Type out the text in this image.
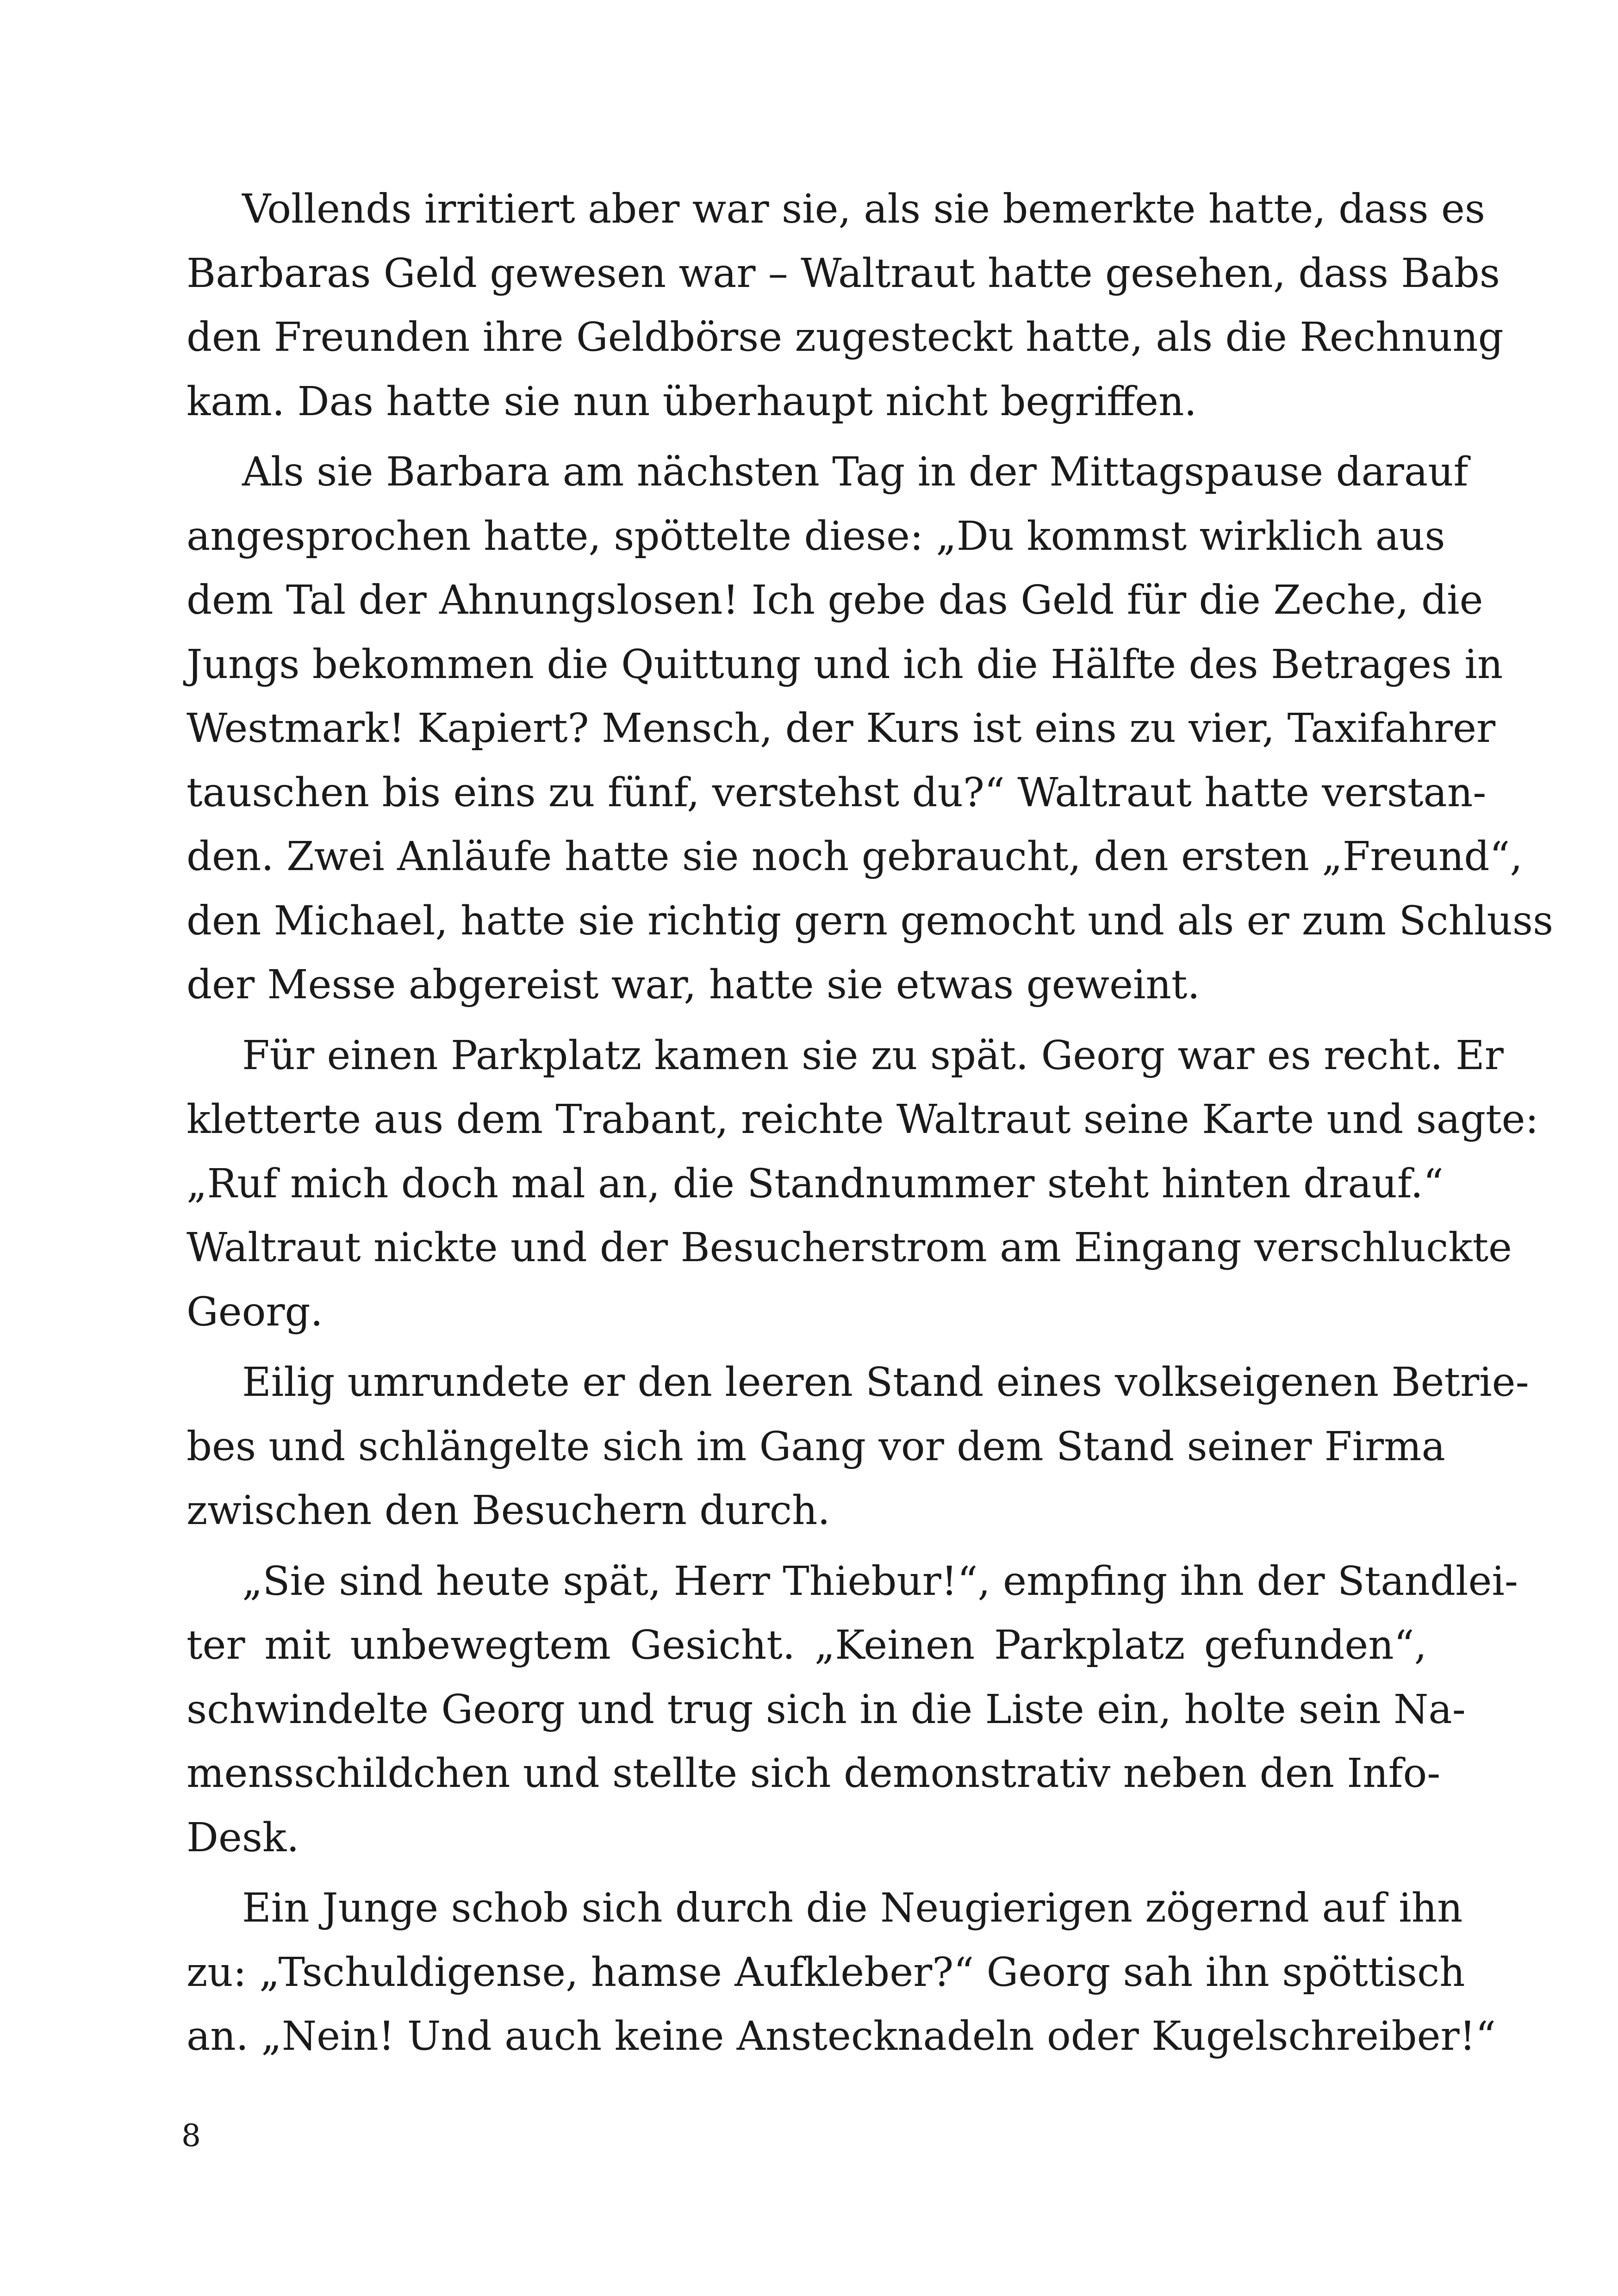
Vollends irritiert aber war sie, als sie bemerkte hatte, dass es
Barbaras Geld gewesen war – Waltraut hatte gesehen, dass Babs
den Freunden ihre Geldbörse zugesteckt hatte, als die Rechnung
kam. Das hatte sie nun überhaupt nicht begriffen.
Als sie Barbara am nächsten Tag in der Mittagspause darauf
angesprochen hatte, spöttelte diese: „Du kommst wirklich aus
dem Tal der Ahnungslosen! Ich gebe das Geld für die Zeche, die
Jungs bekommen die Quittung und ich die Hälfte des Betrages in
Westmark! Kapiert? Mensch, der Kurs ist eins zu vier, Taxifahrer
tauschen bis eins zu fünf, verstehst du?“ Waltraut hatte verstan-
den. Zwei Anläufe hatte sie noch gebraucht, den ersten „Freund“,
den Michael, hatte sie richtig gern gemocht und als er zum Schluss
der Messe abgereist war, hatte sie etwas geweint.
Für einen Parkplatz kamen sie zu spät. Georg war es recht. Er
kletterte aus dem Trabant, reichte Waltraut seine Karte und sagte:
„Ruf mich doch mal an, die Standnummer steht hinten drauf.“
Waltraut nickte und der Besucherstrom am Eingang verschluckte
Georg.
Eilig umrundete er den leeren Stand eines volkseigenen Betrie-
bes und schlängelte sich im Gang vor dem Stand seiner Firma
zwischen den Besuchern durch.
„Sie sind heute spät, Herr Thiebur!“, empfing ihn der Standlei-
ter mit unbewegtem Gesicht. „Keinen Parkplatz gefunden“,
schwindelte Georg und trug sich in die Liste ein, holte sein Na-
mensschildchen und stellte sich demonstrativ neben den Info-
Desk.
Ein Junge schob sich durch die Neugierigen zögernd auf ihn
zu: „Tschuldigense, hamse Aufkleber?“ Georg sah ihn spöttisch
an. „Nein! Und auch keine Anstecknadeln oder Kugelschreiber!“
8
